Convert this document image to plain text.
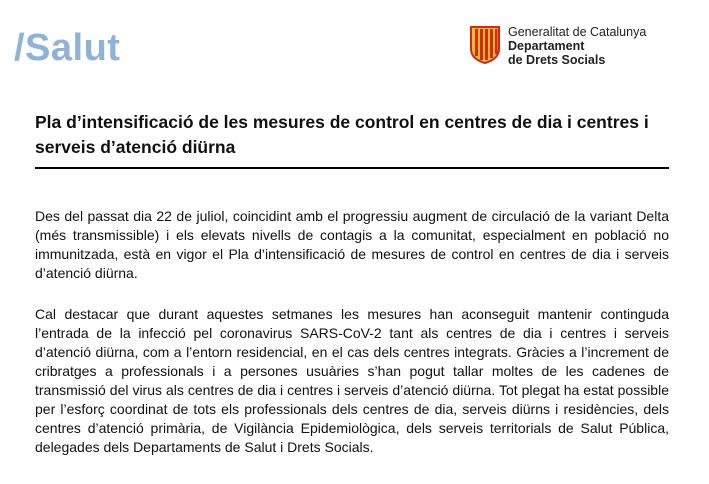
/Salut	Generalitat de Catalunya
Departament
de Drets Socials
Pla d’intensificació de les mesures de control en centres de dia i centres i serveis d’atenció diürna

Des del passat dia 22 de juliol, coincidint amb el progressiu augment de circulació de la variant Delta (més transmissible) i els elevats nivells de contagis a la comunitat, especialment en població no immunitzada, està en vigor el Pla d’intensificació de mesures de control en centres de dia i serveis d’atenció diürna.

Cal destacar que durant aquestes setmanes les mesures han aconseguit mantenir continguda l’entrada de la infecció pel coronavirus SARS-CoV-2 tant als centres de dia i centres i serveis d’atenció diürna, com a l’entorn residencial, en el cas dels centres integrats. Gràcies a l’increment de cribratges a professionals i a persones usuàries s’han pogut tallar moltes de les cadenes de transmissió del virus als centres de dia i centres i serveis d’atenció diürna. Tot plegat ha estat possible per l’esforç coordinat de tots els professionals dels centres de dia, serveis diürns i residències, dels centres d’atenció primària, de Vigilància Epidemiològica, dels serveis territorials de Salut Pública, delegades dels Departaments de Salut i Drets Socials.
